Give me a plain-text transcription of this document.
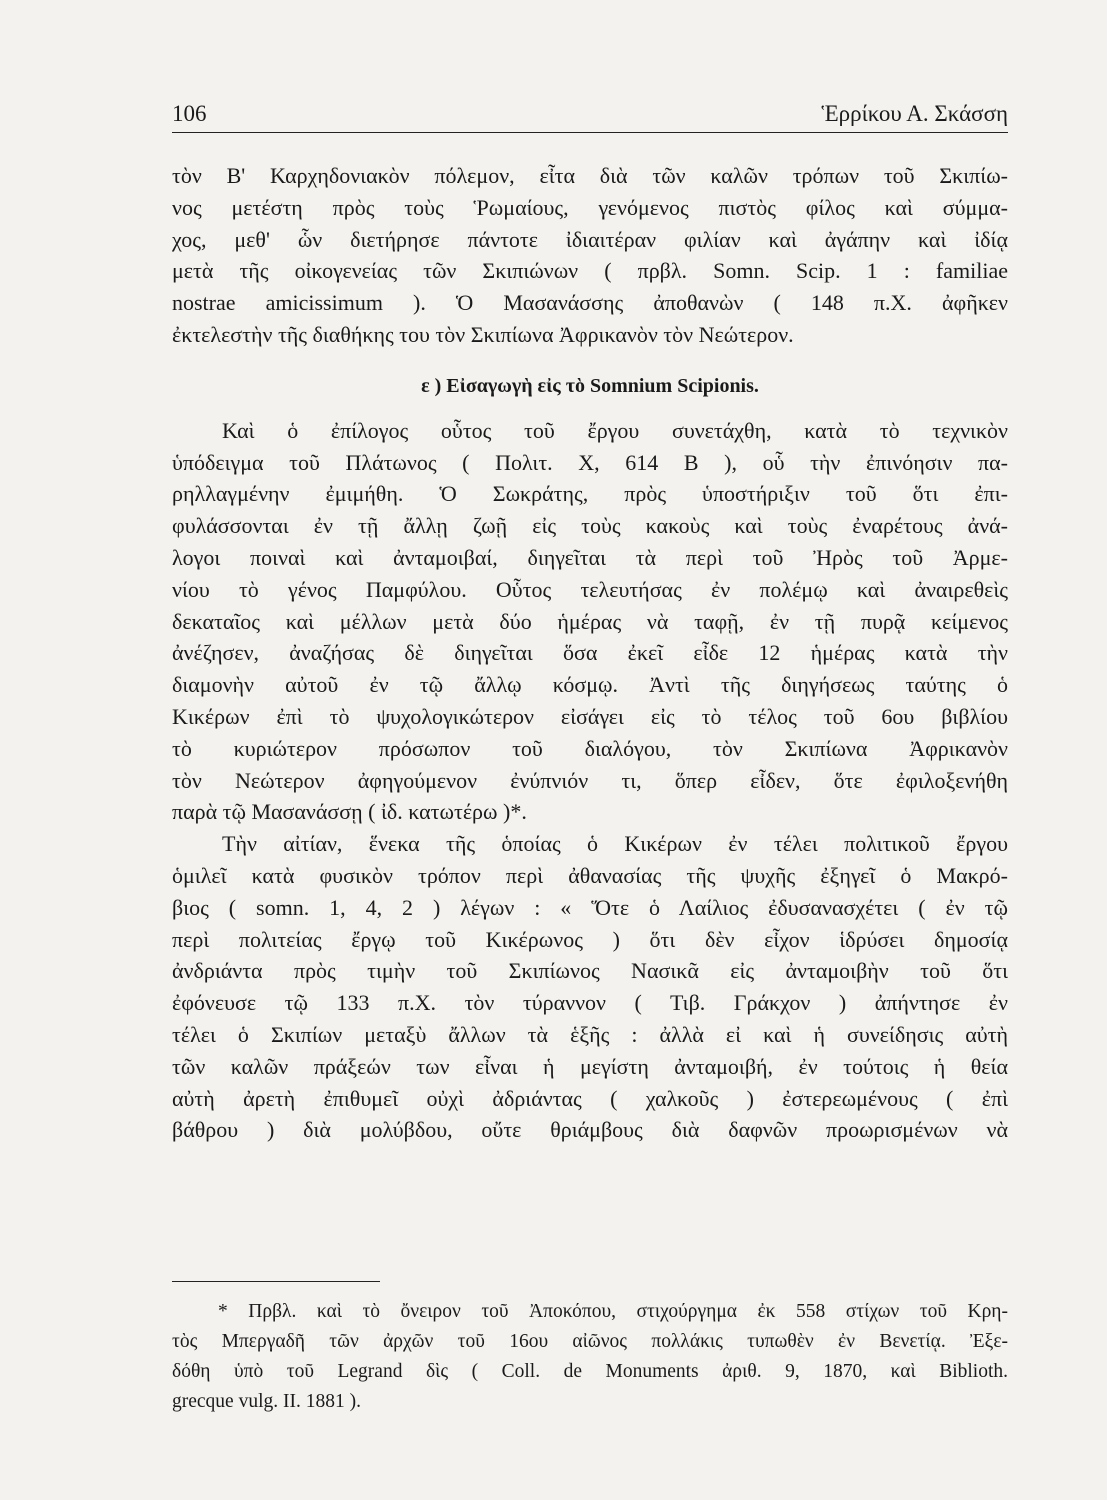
106	Ἑρρίκου Α. Σκάσση
τὸν Β' Καρχηδονιακὸν πόλεμον, εἶτα διὰ τῶν καλῶν τρόπων τοῦ Σκιπίω-
νος μετέστη πρὸς τοὺς Ῥωμαίους, γενόμενος πιστὸς φίλος καὶ σύμμα-
χος, μεθ' ὧν διετήρησε πάντοτε ἰδιαιτέραν φιλίαν καὶ ἀγάπην καὶ ἰδίᾳ
μετὰ τῆς οἰκογενείας τῶν Σκιπιώνων ( πρβλ. Somn. Scip. 1 : familiae
nostrae amicissimum ). Ὁ Μασανάσσης ἀποθανὼν ( 148 π.Χ. ἀφῆκεν
ἐκτελεστὴν τῆς διαθήκης του τὸν Σκιπίωνα Ἀφρικανὸν τὸν Νεώτερον.
ε ) Εἰσαγωγὴ εἰς τὸ Somnium Scipionis.
Καὶ ὁ ἐπίλογος οὗτος τοῦ ἔργου συνετάχθη, κατὰ τὸ τεχνικὸν
ὑπόδειγμα τοῦ Πλάτωνος ( Πολιτ. Χ, 614 Β ), οὗ τὴν ἐπινόησιν πα-
ρηλλαγμένην ἐμιμήθη. Ὁ Σωκράτης, πρὸς ὑποστήριξιν τοῦ ὅτι ἐπι-
φυλάσσονται ἐν τῇ ἄλλῃ ζωῇ εἰς τοὺς κακοὺς καὶ τοὺς ἐναρέτους ἀνά-
λογοι ποιναὶ καὶ ἀνταμοιβαί, διηγεῖται τὰ περὶ τοῦ Ἠρὸς τοῦ Ἀρμε-
νίου τὸ γένος Παμφύλου. Οὗτος τελευτήσας ἐν πολέμῳ καὶ ἀναιρεθεὶς
δεκαταῖος καὶ μέλλων μετὰ δύο ἡμέρας νὰ ταφῇ, ἐν τῇ πυρᾷ κείμενος
ἀνέζησεν, ἀναζήσας δὲ διηγεῖται ὅσα ἐκεῖ εἶδε 12 ἡμέρας κατὰ τὴν
διαμονὴν αὐτοῦ ἐν τῷ ἄλλῳ κόσμῳ. Ἀντὶ τῆς διηγήσεως ταύτης ὁ
Κικέρων ἐπὶ τὸ ψυχολογικώτερον εἰσάγει εἰς τὸ τέλος τοῦ 6ου βιβλίου
τὸ κυριώτερον πρόσωπον τοῦ διαλόγου, τὸν Σκιπίωνα Ἀφρικανὸν
τὸν Νεώτερον ἀφηγούμενον ἐνύπνιόν τι, ὅπερ εἶδεν, ὅτε ἐφιλοξενήθη
παρὰ τῷ Μασανάσσῃ ( ἰδ. κατωτέρω )*.
Τὴν αἰτίαν, ἕνεκα τῆς ὁποίας ὁ Κικέρων ἐν τέλει πολιτικοῦ ἔργου
ὁμιλεῖ κατὰ φυσικὸν τρόπον περὶ ἀθανασίας τῆς ψυχῆς ἐξηγεῖ ὁ Μακρό-
βιος ( somn. 1, 4, 2 ) λέγων : « Ὅτε ὁ Λαίλιος ἐδυσανασχέτει ( ἐν τῷ
περὶ πολιτείας ἔργῳ τοῦ Κικέρωνος ) ὅτι δὲν εἶχον ἱδρύσει δημοσίᾳ
ἀνδριάντα πρὸς τιμὴν τοῦ Σκιπίωνος Νασικᾶ εἰς ἀνταμοιβὴν τοῦ ὅτι
ἐφόνευσε τῷ 133 π.Χ. τὸν τύραννον ( Τιβ. Γράκχον ) ἀπήντησε ἐν
τέλει ὁ Σκιπίων μεταξὺ ἄλλων τὰ ἑξῆς : ἀλλὰ εἰ καὶ ἡ συνείδησις αὐτὴ
τῶν καλῶν πράξεών των εἶναι ἡ μεγίστη ἀνταμοιβή, ἐν τούτοις ἡ θεία
αὐτὴ ἀρετὴ ἐπιθυμεῖ οὐχὶ ἀδριάντας ( χαλκοῦς ) ἐστερεωμένους ( ἐπὶ
βάθρου ) διὰ μολύβδου, οὔτε θριάμβους διὰ δαφνῶν προωρισμένων νὰ
* Πρβλ. καὶ τὸ ὄνειρον τοῦ Ἀποκόπου, στιχούργημα ἐκ 558 στίχων τοῦ Κρη-
τὸς Μπεργαδῆ τῶν ἀρχῶν τοῦ 16ου αἰῶνος πολλάκις τυπωθὲν ἐν Βενετίᾳ. Ἐξε-
δόθη ὑπὸ τοῦ Legrand δὶς ( Coll. de Monuments ἀριθ. 9, 1870, καὶ Biblioth.
grecque vulg. II. 1881 ).
